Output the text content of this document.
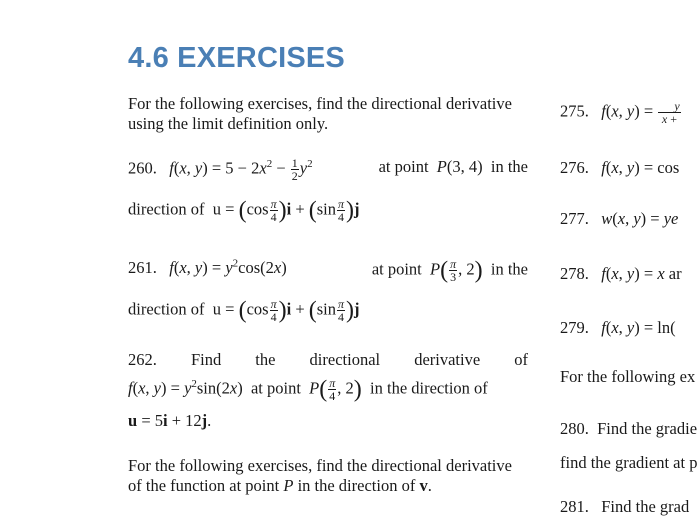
4.6 EXERCISES
For the following exercises, find the directional derivative
using the limit definition only.
260. f(x, $y) = 5 - 2x^2 - \frac{1}{2} y^2$	at point  P(3, 4)  in the
direction of  $u = (\cos \frac{\pi}{4} )i + (\sin \frac{\pi}{4} )j$
261. f(x, $y) = y^2\cos(2x)$	at point  $P( \frac{\pi}{3}$ , 2)  in the
direction of  $u = (\cos \frac{\pi}{4} )i + (\sin \frac{\pi}{4} )j$
262. Find the directional derivative of
f(x, $y) = y^2\sin(2x)$  at point  $P( \frac{\pi}{4}$ , 2)  in the direction of
u = 5i + 12j.
For the following exercises, find the directional derivative
of the function at point P in the direction of v.
275. f(x, $y) = \frac{y}{x +}$
276. f(x, y) = cos
277. w(x, y) = ye
278. f(x, y) = x ar
279. f(x, y) = ln(
For the following ex
280. Find the gradie
find the gradient at p
281. Find the grad
